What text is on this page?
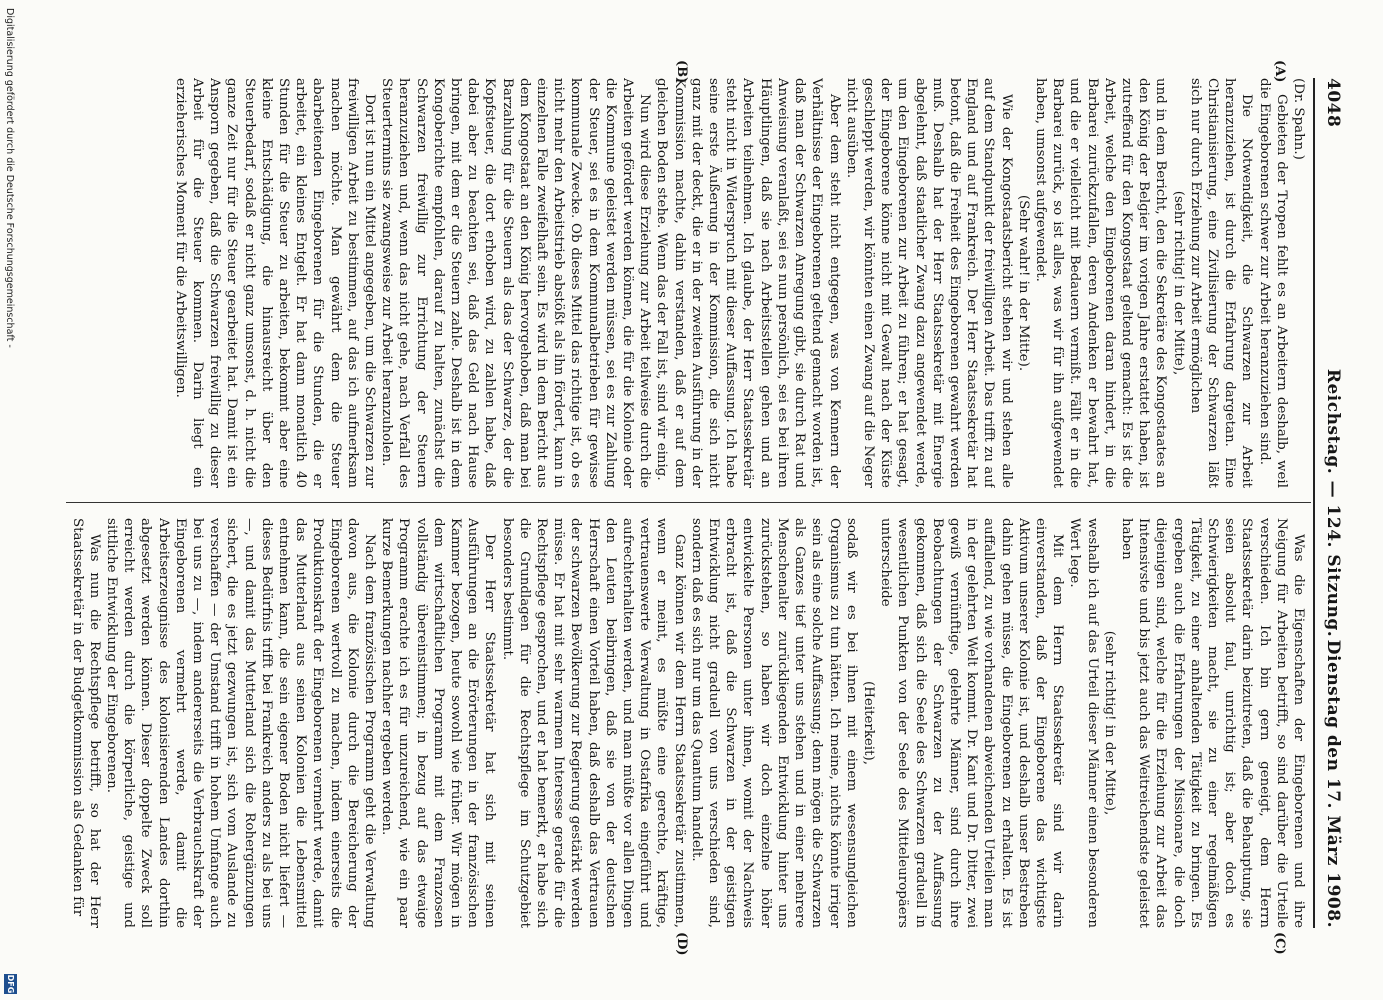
4048
Reichstag. — 124. Sitzung.
Dienstag den 17. März 1908.
(A)
(B)
(C)
(D)

(Dr. Spahn.)

Gebieten der Tropen fehlt es an Arbeitern deshalb, weil die Eingeborenen schwer zur Arbeit heranzuziehen sind.

Die Notwendigkeit, die Schwarzen zur Arbeit heranzuziehen, ist durch die Erfahrung dargetan. Eine Christianisierung, eine Zivilisierung der Schwarzen läßt sich nur durch Erziehung zur Arbeit ermöglichen

(sehr richtig! in der Mitte),

und in dem Bericht, den die Sekretäre des Kongostaates an den König der Belgier im vorigen Jahre erstattet haben, ist zutreffend für den Kongostaat geltend gemacht: Es ist die Arbeit, welche den Eingeborenen daran hindert, in die Barbarei zurückzufallen, deren Andenken er bewahrt hat, und die er vielleicht mit Bedauern vermißt. Fällt er in die Barbarei zurück, so ist alles, was wir für ihn aufgewendet haben, umsonst aufgewendet.

(Sehr wahr! in der Mitte).

Wie der Kongostaatsbericht stehen wir und stehen alle auf dem Standpunkt der freiwilligen Arbeit. Das trifft zu auf England und auf Frankreich. Der Herr Staatssekretär hat betont, daß die Freiheit des Eingeborenen gewahrt werden muß. Deshalb hat der Herr Staatssekretär mit Energie abgelehnt, daß staatlicher Zwang dazu angewendet werde, um den Eingeborenen zur Arbeit zu führen; er hat gesagt, der Eingeborene könne nicht mit Gewalt nach der Küste geschleppt werden, wir könnten einen Zwang auf die Neger nicht ausüben.

Aber dem steht nicht entgegen, was von Kennern der Verhältnisse der Eingeborenen geltend gemacht worden ist, daß man der Schwarzen Anregung gibt, sie durch Rat und Anweisung veranlaßt, sei es nun persönlich, sei es bei ihren Häuptlingen, daß sie nach Arbeitsstellen gehen und an Arbeiten teilnehmen. Ich glaube, der Herr Staatssekretär steht nicht in Widerspruch mit dieser Auffassung. Ich habe seine erste Äußerung in der Kommission, die sich nicht ganz mit der deckt, die er in der zweiten Ausführung in der Kommission machte, dahin verstanden, daß er auf dem gleichen Boden stehe. Wenn das der Fall ist, sind wir einig.

Nun wird diese Erziehung zur Arbeit teilweise durch die Arbeiten gefördert werden können, die für die Kolonie oder die Kommune geleistet werden müssen, sei es zur Zahlung der Steuer, sei es in dem Kommunalbetrieben für gewisse kommunale Zwecke. Ob dieses Mittel das richtige ist, ob es nicht mehr den Arbeitstrieb abstößt als ihn fördert, kann in einzelnen Falle zweifelhaft sein. Es wird in dem Bericht aus dem Kongostaat an den König hervorgehoben, daß man bei Barzahlung für die Steuern als das der Schwarze, der die Kopfsteuer, die dort erhoben wird, zu zahlen habe, daß dabei aber zu beachten sei, daß das Geld nach Hause bringen, mit dem er die Steuern zahle. Deshalb ist in dem Kongoberichte empfohlen, darauf zu halten, zunächst die Schwarzen freiwillig zur Errichtung der Steuern heranzuziehen und, wenn das nicht gehe, nach Verfall des Steuertermins sie zwangsweise zur Arbeit heranzuholen.

Dort ist nun ein Mittel angegeben, um die Schwarzen zur freiwilligen Arbeit zu bestimmen, auf das ich aufmerksam machen möchte. Man gewährt dem die Steuer abarbeitenden Eingeborenen für die Stunden, die er arbeitet, ein kleines Entgelt. Er hat dann monatlich 40 Stunden für die Steuer zu arbeiten, bekommt aber eine kleine Entschädigung, die hinausreicht über den Steuerbedarf, sodaß er nicht ganz umsonst, d. h. nicht die ganze Zeit nur für die Steuer gearbeitet hat. Damit ist ein Ansporn gegeben, daß die Schwarzen freiwillig zu dieser Arbeit für die Steuer kommen. Darin liegt ein erzieherisches Moment für die Arbeitswilligen.

Was die Eigenschaften der Eingeborenen und ihre Neigung für Arbeiten betrifft, so sind darüber die Urteile verschieden. Ich bin gern geneigt, dem Herrn Staatssekretär darin beizutreten, daß die Behauptung, sie seien absolut faul, unrichtig ist; aber doch es Schwierigkeiten macht, sie zu einer regelmäßigen Tätigkeit, zu einer anhaltenden Tätigkeit zu bringen. Es ergeben auch die Erfahrungen der Missionare, die doch diejenigen sind, welche für die Erziehung zur Arbeit das Intensivste und bis jetzt auch das Weitreichendste geleistet haben

(sehr richtig! in der Mitte),

weshalb ich auf das Urteil dieser Männer einen besonderen Wert lege.

Mit dem Herrn Staatssekretär sind wir darin einverstanden, daß der Eingeborene das wichtigste Aktivum unserer Kolonie ist, und deshalb unser Bestreben dahin gehen müsse, die Eingeborenen zu erhalten. Es ist auffallend, zu wie vorhandenen abweichenden Urteilen man in der gelehrten Welt kommt. Dr. Kant und Dr. Ditter, zwei gewiß vernünftige, gelehrte Männer, sind durch ihre Beobachtungen der Schwarzen zu der Auffassung gekommen, daß sich die Seele des Schwarzen graduell in wesentlichen Punkten von der Seele des Mitteleuropäers unterscheide

(Heiterkeit),

sodaß wir es bei ihnen mit einem wesensungleichen Organismus zu tun hätten. Ich meine, nichts könnte irriger sein als eine solche Auffassung; denn mögen die Schwarzen als Ganzes tief unter uns stehen und in einer mehrere Menschenalter zurückliegenden Entwicklung hinter uns zurückstehen, so haben wir doch einzelne höher entwickelte Personen unter ihnen, womit der Nachweis erbracht ist, daß die Schwarzen in der geistigen Entwicklung nicht graduell von uns verschieden sind, sondern daß es sich nur um das Quantum handelt.

Ganz können wir dem Herrn Staatssekretär zustimmen, wenn er meint, es müßte eine gerechte, kräftige, vertrauenswerte Verwaltung in Ostafrika eingeführt und aufrechterhalten werden, und man müßte vor allen Dingen den Leuten beibringen, daß sie von der deutschen Herrschaft einen Vorteil haben, daß deshalb das Vertrauen der schwarzen Bevölkerung zur Regierung gestärkt werden müsse. Er hat mit sehr warmem Interesse gerade für die Rechtspflege gesprochen, und er hat bemerkt, er habe sich die Grundlagen für die Rechtspflege im Schutzgebiet besonders bestimmt.

Der Herr Staatssekretär hat sich mit seinen Ausführungen an die Erörterungen in der französischen Kammer bezogen, heute sowohl wie früher. Wir mögen in dem wirtschaftlichen Programm mit dem Franzosen vollständig übereinstimmen; in bezug auf das etwaige Programm erachte ich es für unzureichend, wie ein paar kurze Bemerkungen nachher ergeben werden.

Nach dem französischen Programm geht die Verwaltung davon aus, die Kolonie durch die Bereicherung der Eingeborenen wertvoll zu machen, indem einerseits die Produktionskraft der Eingeborenen vermehrt werde, damit das Mutterland aus seinen Kolonien die Lebensmittel entnehmen kann, die sein eigener Boden nicht liefert — dieses Bedürfnis trifft bei Frankreich anders zu als bei uns —, und damit das Mutterland sich die Rohergänzungen sichert, die es jetzt gezwungen ist, sich vom Auslande zu verschaffen — der Umstand trifft in hohem Umfange auch bei uns zu —, indem andererseits die Verbrauchskraft der Eingeborenen vermehrt werde, damit die Arbeitserzeugnisse des kolonisierenden Landes dorthin abgesetzt werden können. Dieser doppelte Zweck soll erreicht werden durch die körperliche, geistige und sittliche Entwicklung der Eingeborenen.

Was nun die Rechtspflege betrifft, so hat der Herr Staatssekretär in der Budgetkommission als Gedanken für

Digitalisierung gefördert durch die Deutsche Forschungsgemeinschaft -
DFG
